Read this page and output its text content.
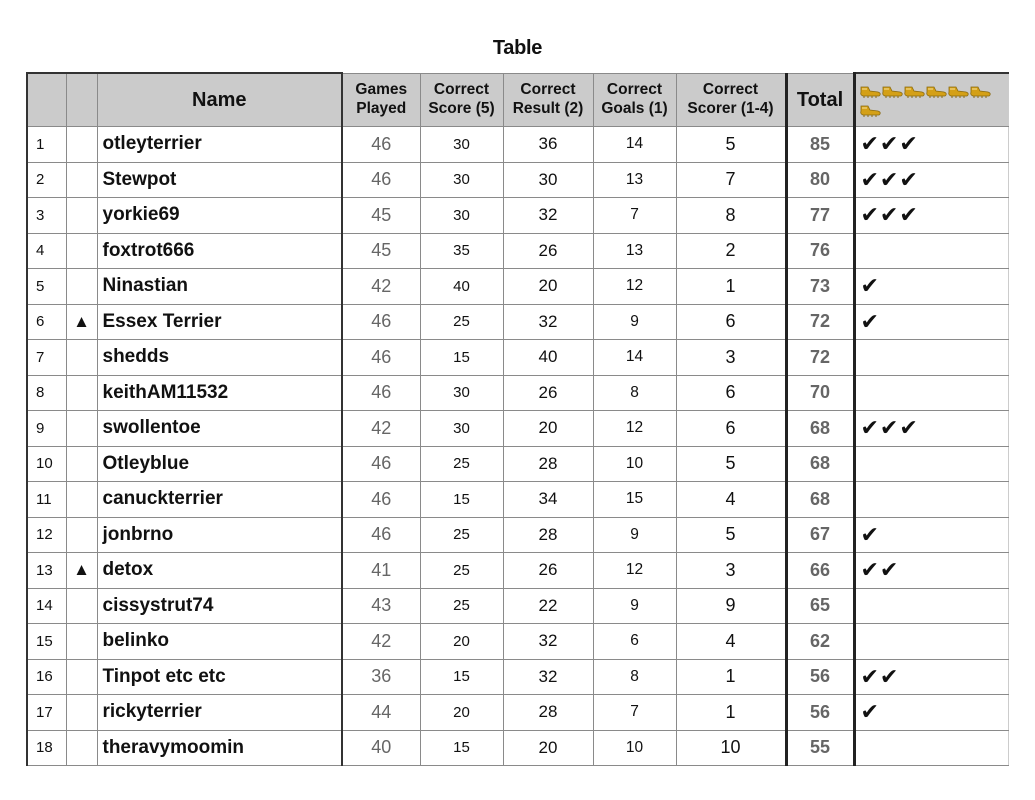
Table
		Name	Games Played	Correct Score (5)	Correct Result (2)	Correct Goals (1)	Correct Scorer (1-4)	Total	
1		otleyterrier	46	30	36	14	5	85	✔✔✔
2		Stewpot	46	30	30	13	7	80	✔✔✔
3		yorkie69	45	30	32	7	8	77	✔✔✔
4		foxtrot666	45	35	26	13	2	76	
5		Ninastian	42	40	20	12	1	73	✔
6	▲	Essex Terrier	46	25	32	9	6	72	✔
7		shedds	46	15	40	14	3	72	
8		keithAM11532	46	30	26	8	6	70	
9		swollentoe	42	30	20	12	6	68	✔✔✔
10		Otleyblue	46	25	28	10	5	68	
11		canuckterrier	46	15	34	15	4	68	
12		jonbrno	46	25	28	9	5	67	✔
13	▲	detox	41	25	26	12	3	66	✔✔
14		cissystrut74	43	25	22	9	9	65	
15		belinko	42	20	32	6	4	62	
16		Tinpot etc etc	36	15	32	8	1	56	✔✔
17		rickyterrier	44	20	28	7	1	56	✔
18		theravymoomin	40	15	20	10	10	55	
